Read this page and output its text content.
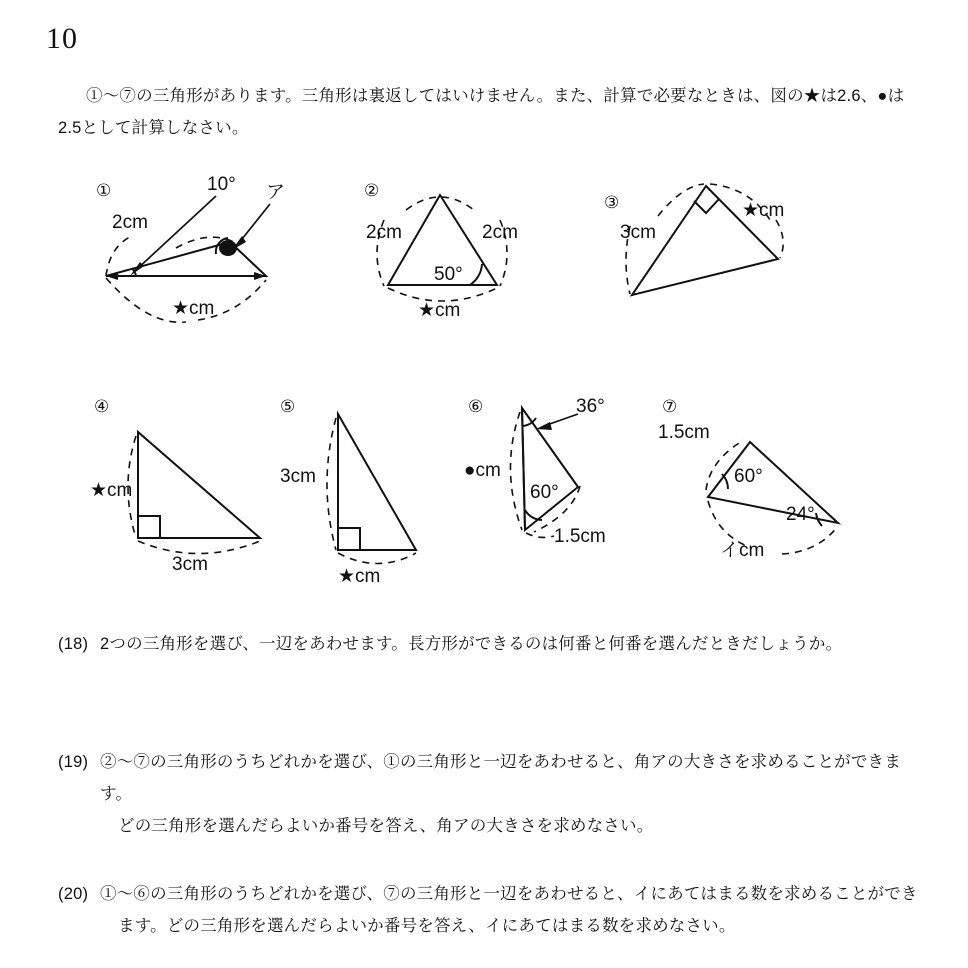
10
①～⑦の三角形があります。三角形は裏返してはいけません。また、計算で必要なときは、図の★は2.6、●は
2.5として計算しなさい。
①	10°
2cm
★cm
ア	②
2cm	2cm
50°
★cm
③
3cm
★cm
④
★cm
3cm
⑤
3cm
★cm
⑥	36°
60°
●cm
1.5cm
⑦
1.5cm
60°
24°
イcm
(18) 2つの三角形を選び、一辺をあわせます。長方形ができるのは何番と何番を選んだときだしょうか。
(19) ②～⑦の三角形のうちどれかを選び、①の三角形と一辺をあわせると、角アの大きさを求めることができます。
どの三角形を選んだらよいか番号を答え、角アの大きさを求めなさい。
(20) ①～⑥の三角形のうちどれかを選び、⑦の三角形と一辺をあわせると、イにあてはまる数を求めることができ
ます。どの三角形を選んだらよいか番号を答え、イにあてはまる数を求めなさい。
